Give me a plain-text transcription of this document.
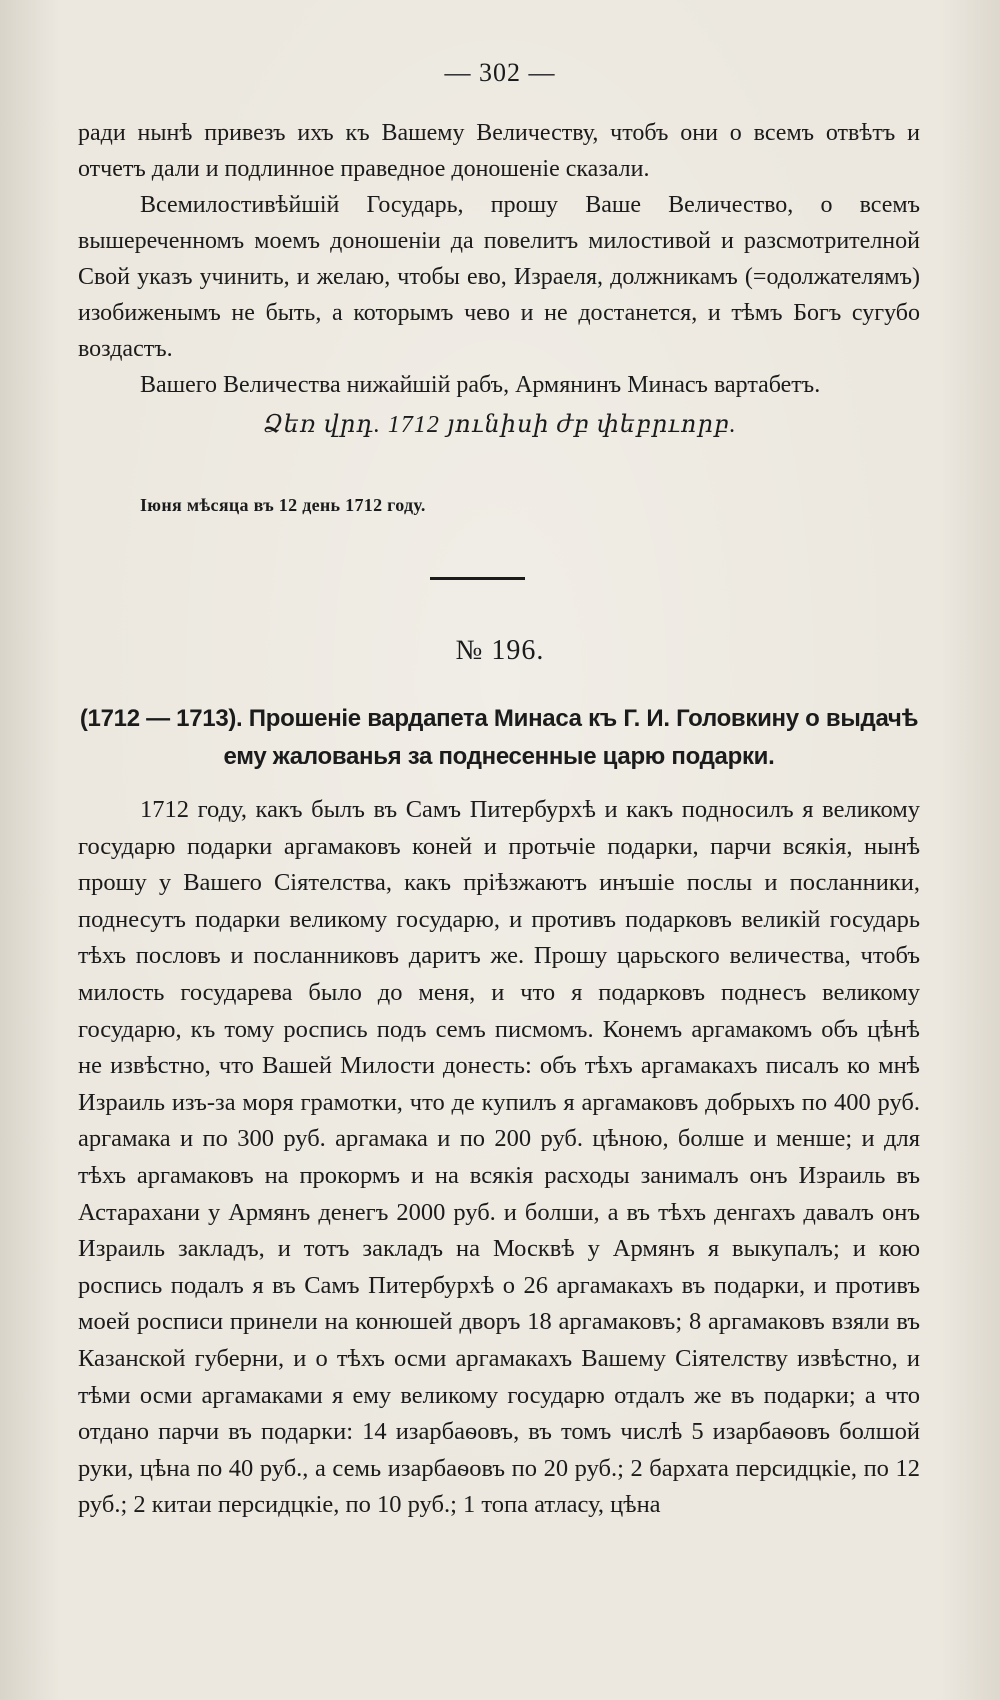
— 302 —

ради нынѣ привезъ ихъ къ Вашему Величеству, чтобъ они о всемъ отвѣтъ и отчетъ дали и подлинное праведное доношеніе сказали.

Всемилостивѣйшій Государь, прошу Ваше Величество, о всемъ вышереченномъ моемъ доношеніи да повелитъ милостивой и разсмотрителной Свой указъ учинить, и желаю, чтобы ево, Израеля, должникамъ (=одолжателямъ) изобиженымъ не быть, а которымъ чево и не достанется, и тѣмъ Богъ сугубо воздастъ.

Вашего Величества нижайшій рабъ, Армянинъ Минасъ вартабетъ.

Ձեռ վրդ. 1712 յունիսի ժբ փեբրւորբ.
Іюня мѣсяца въ 12 день 1712 году.
№ 196.
(1712 — 1713). Прошеніе вардапета Минаса къ Г. И. Головкину о выдачѣ ему жалованья за поднесенные царю подарки.

1712 году, какъ былъ въ Самъ Питербурхѣ и какъ подносилъ я великому государю подарки аргамаковъ коней и протьчіе подарки, парчи всякія, нынѣ прошу у Вашего Сіятелства, какъ пріѣзжаютъ инъшіе послы и посланники, поднесутъ подарки великому государю, и противъ подарковъ великій государь тѣхъ пословъ и посланниковъ даритъ же. Прошу царьского величества, чтобъ милость государева было до меня, и что я подарковъ поднесъ великому государю, къ тому роспись подъ семъ писмомъ. Конемъ аргамакомъ объ цѣнѣ не извѣстно, что Вашей Милости донесть: объ тѣхъ аргамакахъ писалъ ко мнѣ Израиль изъ-за моря грамотки, что де купилъ я аргамаковъ добрыхъ по 400 руб. аргамака и по 300 руб. аргамака и по 200 руб. цѣною, болше и менше; и для тѣхъ аргамаковъ на прокормъ и на всякія расходы занималъ онъ Израиль въ Астарахани у Армянъ денегъ 2000 руб. и болши, а въ тѣхъ денгахъ давалъ онъ Израиль закладъ, и тотъ закладъ на Москвѣ у Армянъ я выкупалъ; и кою роспись подалъ я въ Самъ Питербурхѣ о 26 аргамакахъ въ подарки, и противъ моей росписи принели на конюшей дворъ 18 аргамаковъ; 8 аргамаковъ взяли въ Казанской губерни, и о тѣхъ осми аргамакахъ Вашему Сіятелству извѣстно, и тѣми осми аргамаками я ему великому государю отдалъ же въ подарки; а что отдано парчи въ подарки: 14 изарбаѳовъ, въ томъ числѣ 5 изарбаѳовъ болшой руки, цѣна по 40 руб., а семь изарбаѳовъ по 20 руб.; 2 бархата персидцкіе, по 12 руб.; 2 китаи персидцкіе, по 10 руб.; 1 топа атласу, цѣна
